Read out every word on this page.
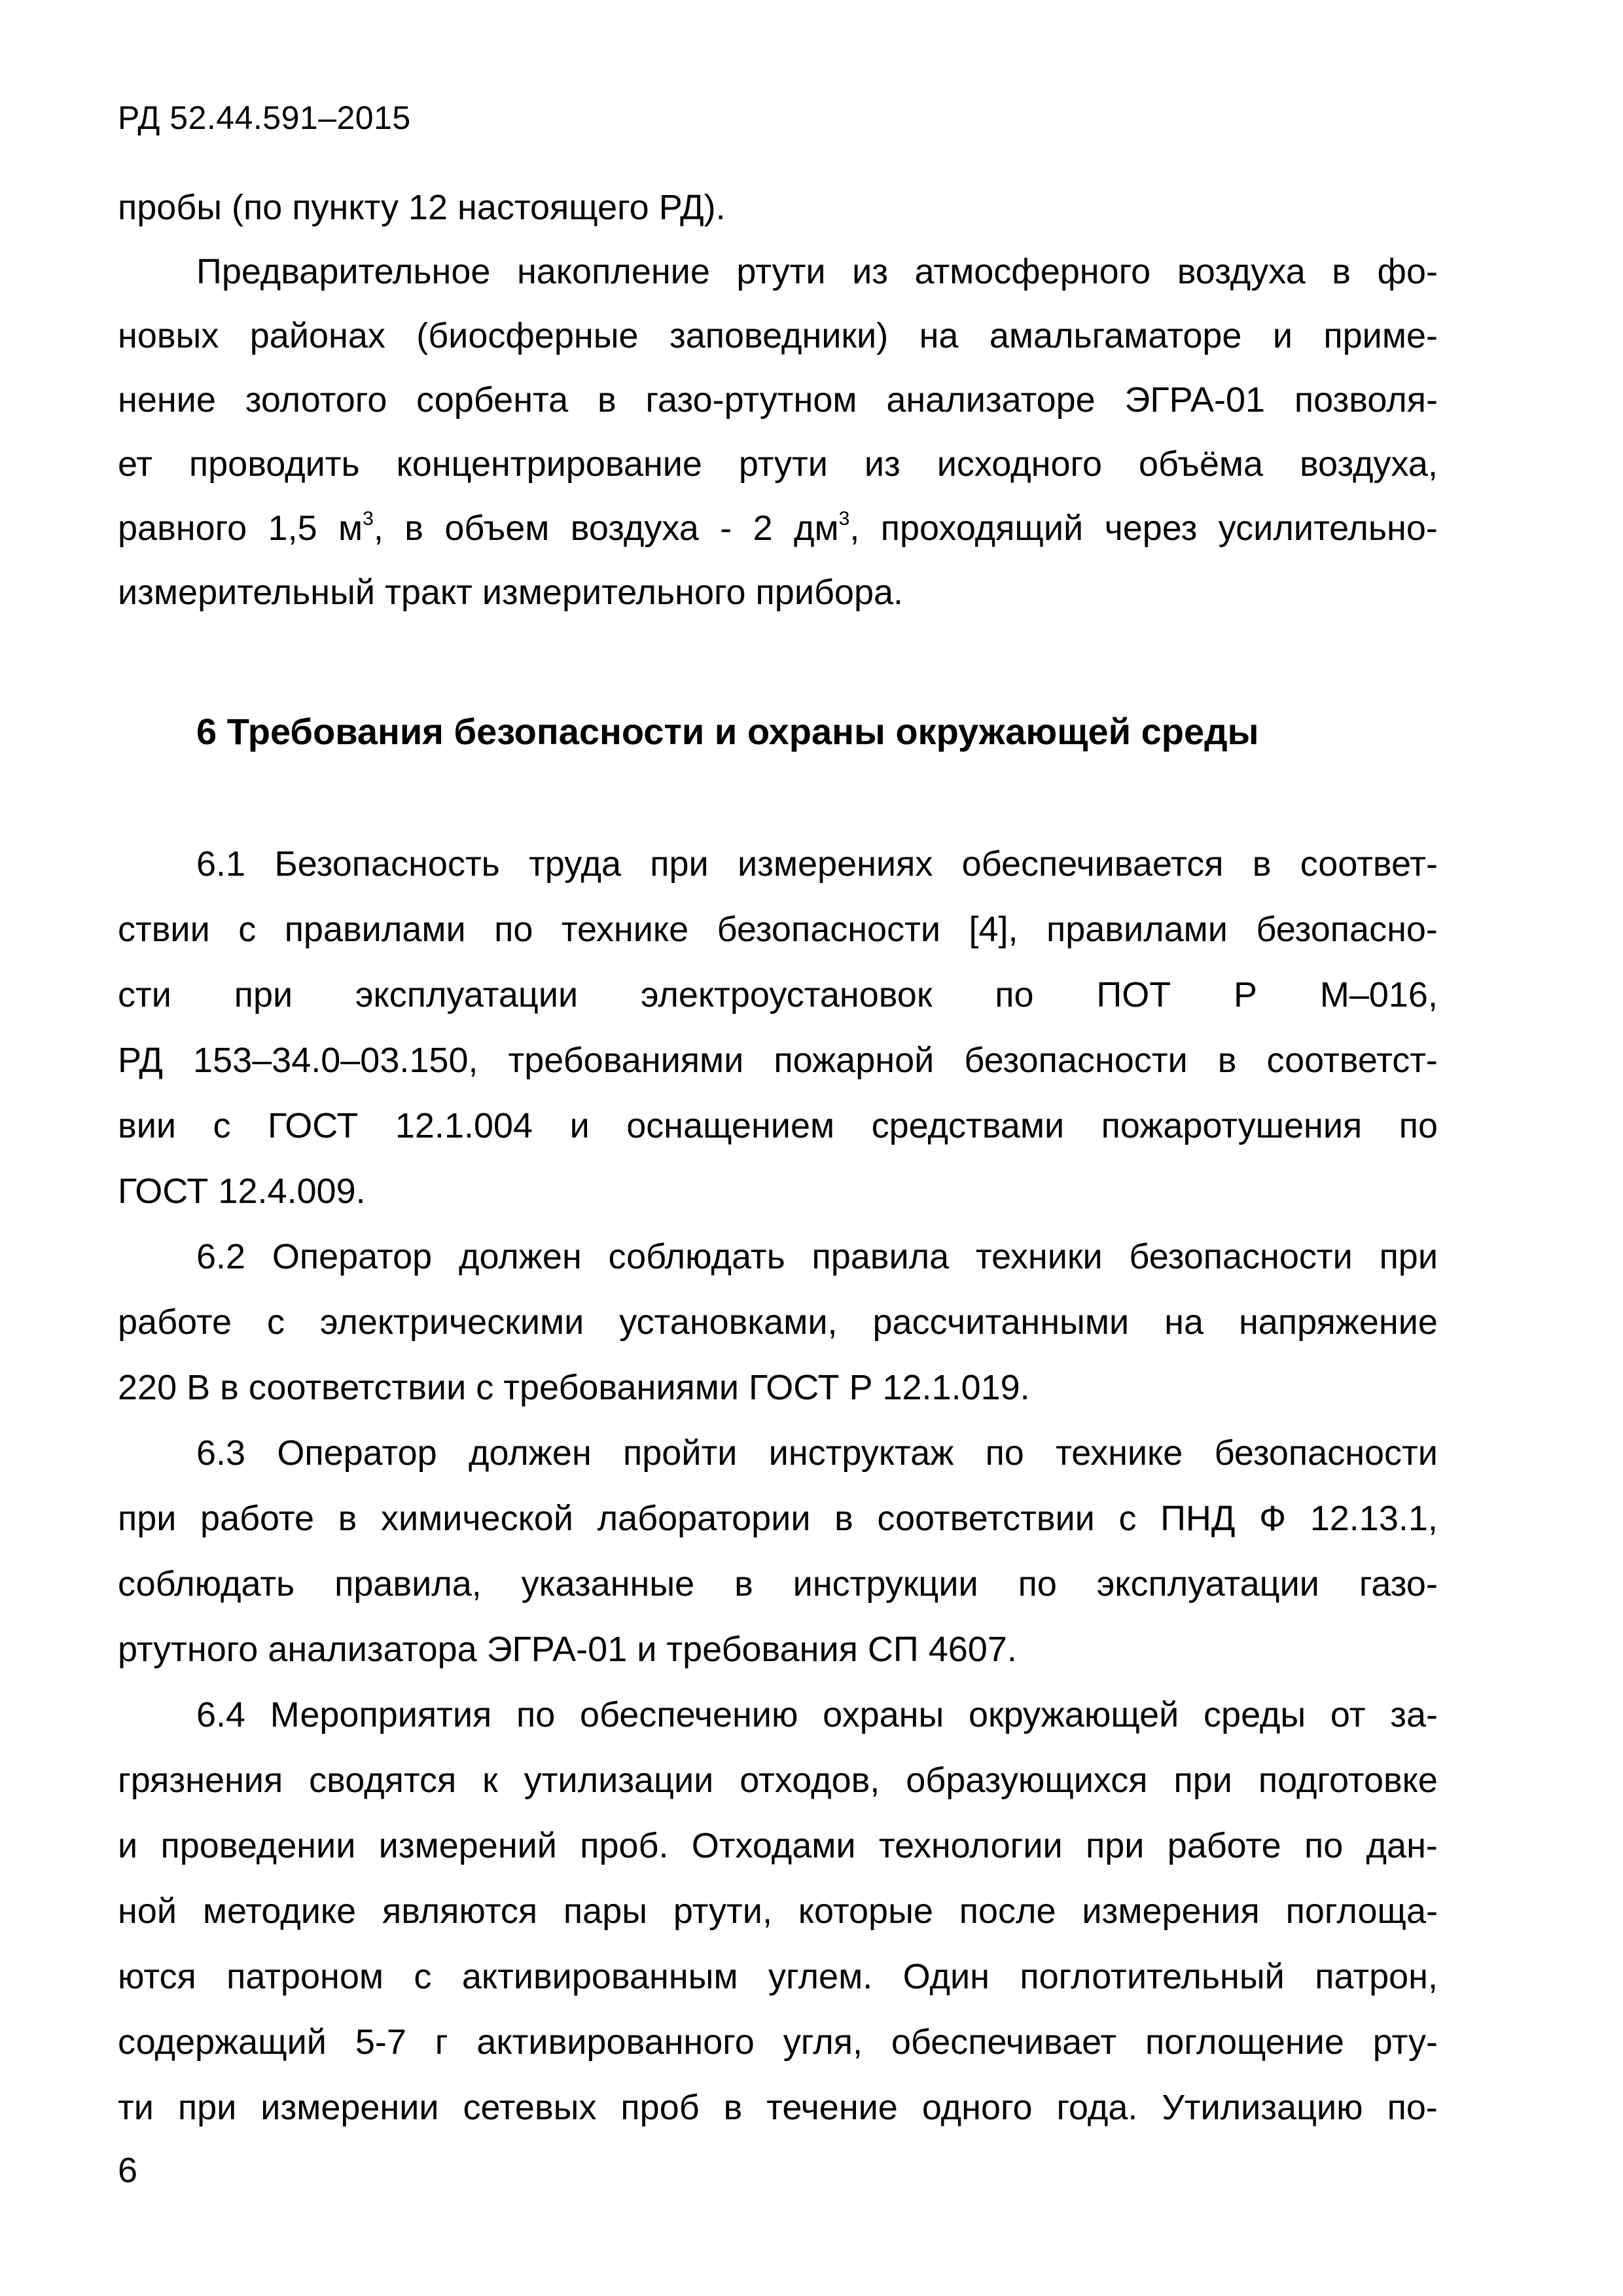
РД 52.44.591–2015
пробы (по пункту 12 настоящего РД).
Предварительное накопление ртути из атмосферного воздуха в фо-
новых районах (биосферные заповедники) на амальгаматоре и приме-
нение золотого сорбента в газо-ртутном анализаторе ЭГРА-01 позволя-
ет проводить концентрирование ртути из исходного объёма воздуха,
равного 1,5 $м^3$, в объем воздуха - 2 $дм^3$, проходящий через усилительно-
измерительный тракт измерительного прибора.
6 Требования безопасности и охраны окружающей среды
6.1 Безопасность труда при измерениях обеспечивается в соответ-
ствии с правилами по технике безопасности [4], правилами безопасно-
сти при эксплуатации электроустановок по ПОТ Р М–016,
РД 153–34.0–03.150, требованиями пожарной безопасности в соответст-
вии с ГОСТ 12.1.004 и оснащением средствами пожаротушения по
ГОСТ 12.4.009.
6.2 Оператор должен соблюдать правила техники безопасности при
работе с электрическими установками, рассчитанными на напряжение
220 В в соответствии с требованиями ГОСТ Р 12.1.019.
6.3 Оператор должен пройти инструктаж по технике безопасности
при работе в химической лаборатории в соответствии с ПНД Ф 12.13.1,
соблюдать правила, указанные в инструкции по эксплуатации газо-
ртутного анализатора ЭГРА-01 и требования СП 4607.
6.4 Мероприятия по обеспечению охраны окружающей среды от за-
грязнения сводятся к утилизации отходов, образующихся при подготовке
и проведении измерений проб. Отходами технологии при работе по дан-
ной методике являются пары ртути, которые после измерения поглоща-
ются патроном с активированным углем. Один поглотительный патрон,
содержащий 5-7 г активированного угля, обеспечивает поглощение рту-
ти при измерении сетевых проб в течение одного года. Утилизацию по-
6
